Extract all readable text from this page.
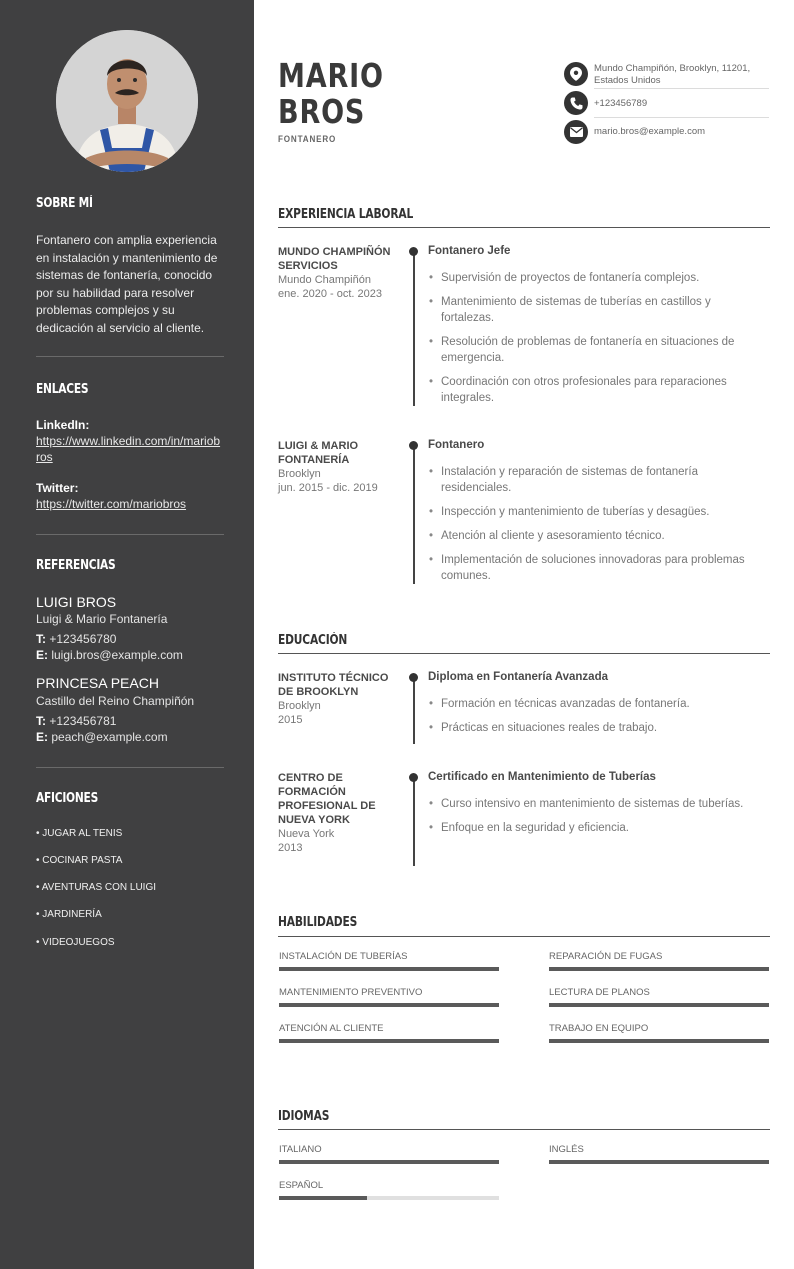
SOBRE MÍ
Fontanero con amplia experiencia en instalación y mantenimiento de sistemas de fontanería, conocido por su habilidad para resolver problemas complejos y su dedicación al servicio al cliente.
ENLACES
LinkedIn:
https://www.linkedin.com/in/mariobros
Twitter:
https://twitter.com/mariobros
REFERENCIAS
LUIGI BROS
Luigi & Mario Fontanería
T: +123456780
E: luigi.bros@example.com
PRINCESA PEACH
Castillo del Reino Champiñón
T: +123456781
E: peach@example.com
AFICIONES
• JUGAR AL TENIS
• COCINAR PASTA
• AVENTURAS CON LUIGI
• JARDINERÍA
• VIDEOJUEGOS
MARIO
BROS
FONTANERO
Mundo Champiñón, Brooklyn, 11201, Estados Unidos
+123456789
mario.bros@example.com
EXPERIENCIA LABORAL
MUNDO CHAMPIÑÓN SERVICIOS
Mundo Champiñón
ene. 2020 - oct. 2023
Fontanero Jefe
• Supervisión de proyectos de fontanería complejos.
• Mantenimiento de sistemas de tuberías en castillos y fortalezas.
• Resolución de problemas de fontanería en situaciones de emergencia.
• Coordinación con otros profesionales para reparaciones integrales.
LUIGI & MARIO FONTANERÍA
Brooklyn
jun. 2015 - dic. 2019
Fontanero
• Instalación y reparación de sistemas de fontanería residenciales.
• Inspección y mantenimiento de tuberías y desagües.
• Atención al cliente y asesoramiento técnico.
• Implementación de soluciones innovadoras para problemas comunes.
EDUCACIÓN
INSTITUTO TÉCNICO DE BROOKLYN
Brooklyn
2015
Diploma en Fontanería Avanzada
• Formación en técnicas avanzadas de fontanería.
• Prácticas en situaciones reales de trabajo.
CENTRO DE FORMACIÓN PROFESIONAL DE NUEVA YORK
Nueva York
2013
Certificado en Mantenimiento de Tuberías
• Curso intensivo en mantenimiento de sistemas de tuberías.
• Enfoque en la seguridad y eficiencia.
HABILIDADES
INSTALACIÓN DE TUBERÍAS	REPARACIÓN DE FUGAS
MANTENIMIENTO PREVENTIVO	LECTURA DE PLANOS
ATENCIÓN AL CLIENTE	TRABAJO EN EQUIPO
IDIOMAS
ITALIANO	INGLÉS
ESPAÑOL
